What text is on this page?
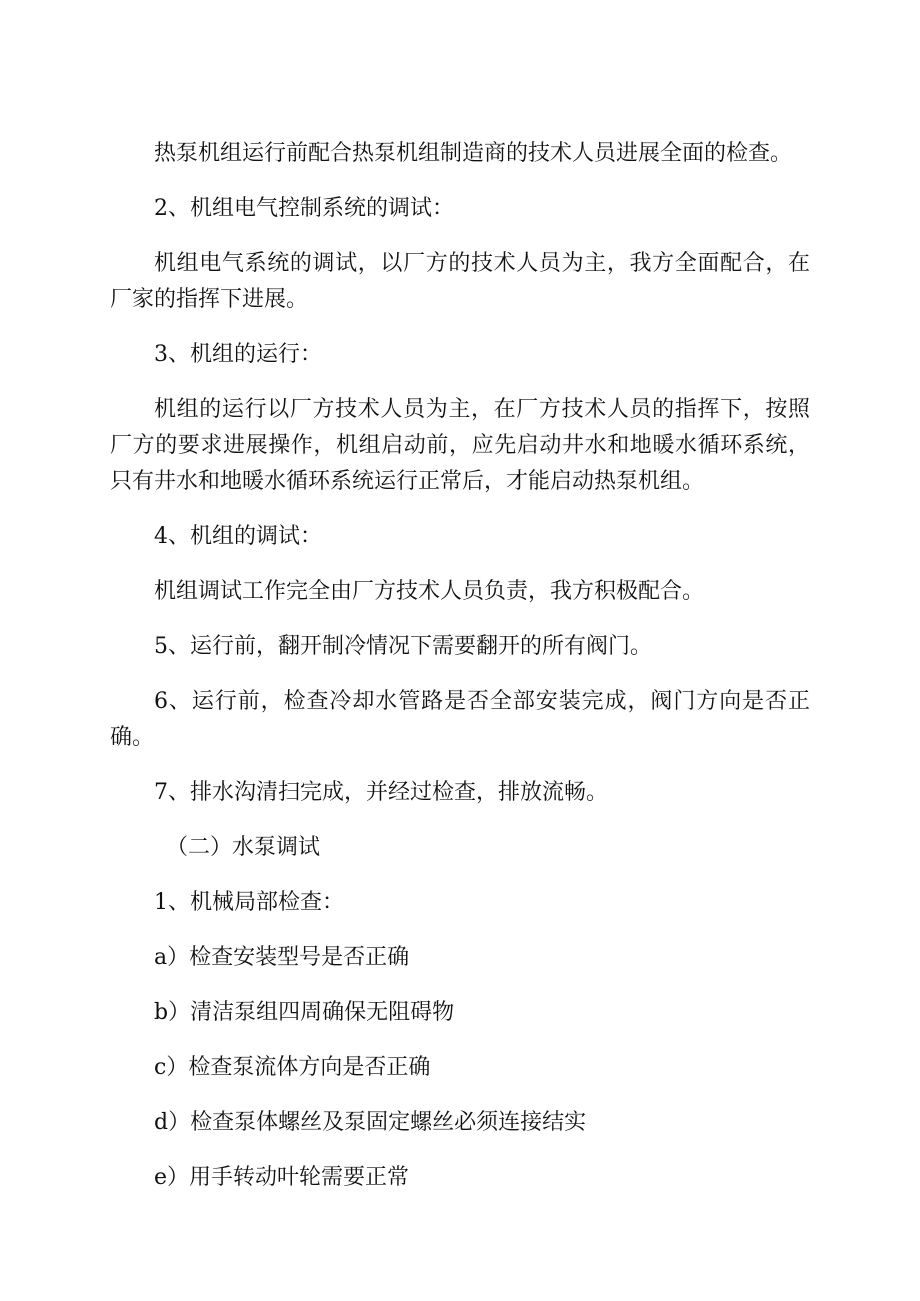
热泵机组运行前配合热泵机组制造商的技术人员进展全面的检查。

2、机组电气控制系统的调试：

机组电气系统的调试，以厂方的技术人员为主，我方全面配合，在厂家的指挥下进展。

3、机组的运行：

机组的运行以厂方技术人员为主，在厂方技术人员的指挥下，按照厂方的要求进展操作，机组启动前，应先启动井水和地暖水循环系统，只有井水和地暖水循环系统运行正常后，才能启动热泵机组。

4、机组的调试：

机组调试工作完全由厂方技术人员负责，我方积极配合。

5、运行前，翻开制冷情况下需要翻开的所有阀门。

6、运行前，检查冷却水管路是否全部安装完成，阀门方向是否正确。

7、排水沟清扫完成，并经过检查，排放流畅。

（二）水泵调试

1、机械局部检查：

a）检查安装型号是否正确

b）清洁泵组四周确保无阻碍物

c）检查泵流体方向是否正确

d）检查泵体螺丝及泵固定螺丝必须连接结实

e）用手转动叶轮需要正常
